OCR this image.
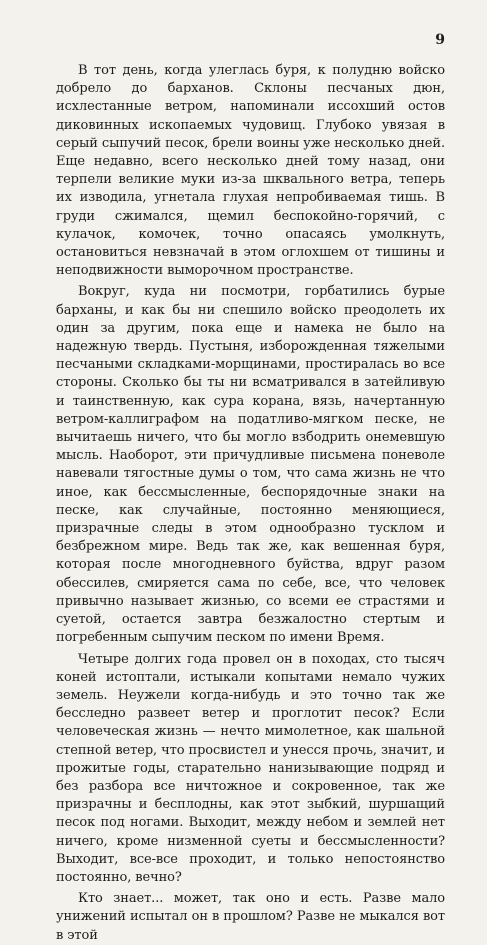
9

В тот день, когда улеглась буря, к полудню войско добрело до барханов. Склоны песчаных дюн, исхлестанные ветром, напоминали иссохший остов диковинных ископаемых чудовищ. Глубоко увязая в серый сыпучий песок, брели воины уже несколько дней. Еще недавно, всего несколько дней тому назад, они терпели великие муки из-за шквального ветра, теперь их изводила, угнетала глухая непробиваемая тишь. В груди сжимался, щемил беспокойно-горячий, с кулачок, комочек, точно опасаясь умолкнуть, остановиться невзначай в этом оглохшем от тишины и неподвижности выморочном пространстве.

Вокруг, куда ни посмотри, горбатились бурые барханы, и как бы ни спешило войско преодолеть их один за другим, пока еще и намека не было на надежную твердь. Пустыня, изборожденная тяжелыми песчаными складками-морщинами, простиралась во все стороны. Сколько бы ты ни всматривался в затейливую и таинственную, как сура корана, вязь, начертанную ветром-каллиграфом на податливо-мягком песке, не вычитаешь ничего, что бы могло взбодрить онемевшую мысль. Наоборот, эти причудливые письмена поневоле навевали тягостные думы о том, что сама жизнь не что иное, как бессмысленные, беспорядочные знаки на песке, как случайные, постоянно меняющиеся, призрачные следы в этом однообразно тусклом и безбрежном мире. Ведь так же, как вешенная буря, которая после многодневного буйства, вдруг разом обессилев, смиряется сама по себе, все, что человек привычно называет жизнью, со всеми ее страстями и суетой, остается завтра безжалостно стертым и погребенным сыпучим песком по имени Время.

Четыре долгих года провел он в походах, сто тысяч коней истоптали, истыкали копытами немало чужих земель. Неужели когда-нибудь и это точно так же бесследно развеет ветер и проглотит песок? Если человеческая жизнь — нечто мимолетное, как шальной степной ветер, что просвистел и унесся прочь, значит, и прожитые годы, старательно нанизывающие подряд и без разбора все ничтожное и сокровенное, так же призрачны и бесплодны, как этот зыбкий, шуршащий песок под ногами. Выходит, между небом и землей нет ничего, кроме низменной суеты и бессмысленности? Выходит, все-все проходит, и только непостоянство постоянно, вечно?

Кто знает... может, так оно и есть. Разве мало унижений испытал он в прошлом? Разве не мыкался вот в этой
